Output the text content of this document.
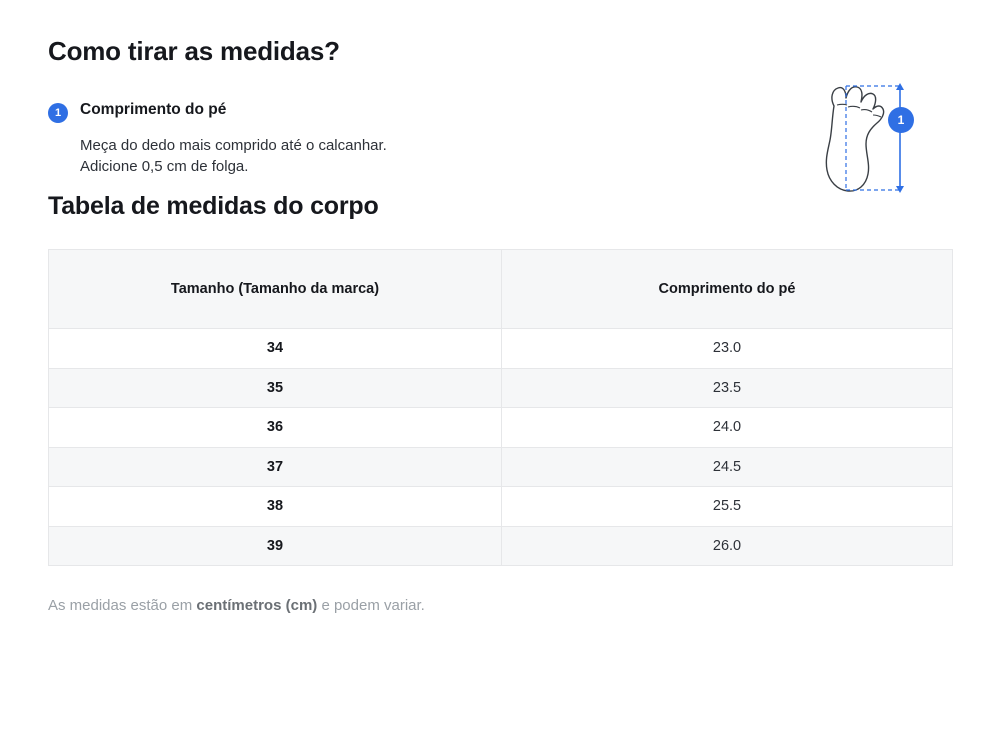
Como tirar as medidas?
1	Comprimento do pé

Meça do dedo mais comprido até o calcanhar. Adicione 0,5 cm de folga.

1
Tabela de medidas do corpo
Tamanho (Tamanho da marca)	Comprimento do pé
34	23.0
35	23.5
36	24.0
37	24.5
38	25.5
39	26.0

As medidas estão em centímetros (cm) e podem variar.
